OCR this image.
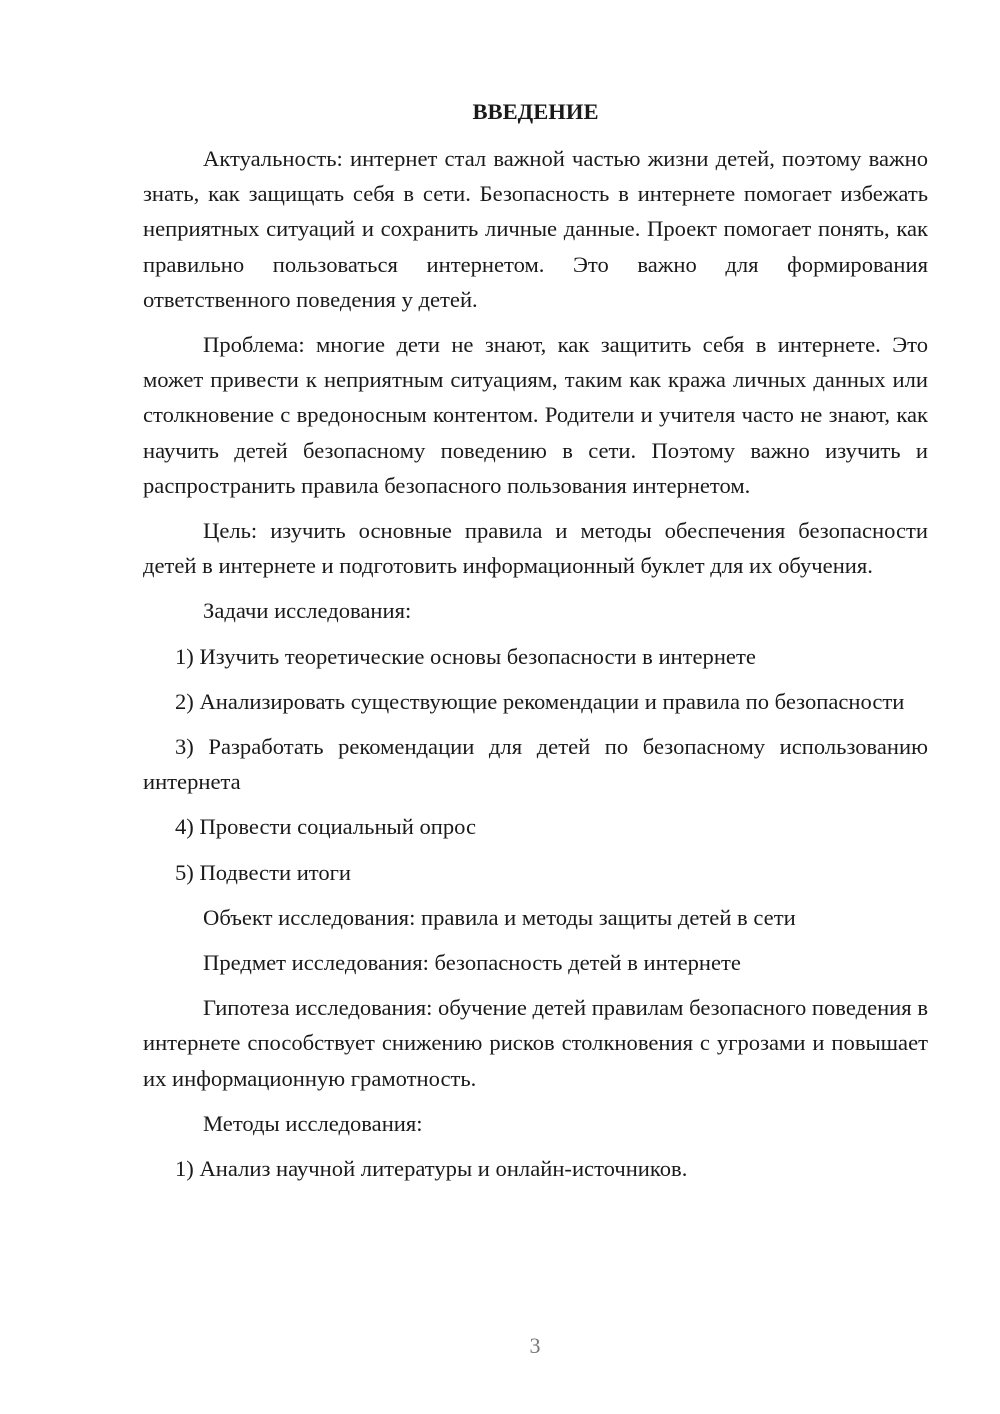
ВВЕДЕНИЕ

Актуальность: интернет стал важной частью жизни детей, поэтому важно знать, как защищать себя в сети. Безопасность в интернете помогает избежать неприятных ситуаций и сохранить личные данные. Проект помогает понять, как правильно пользоваться интернетом. Это важно для формирования ответственного поведения у детей.

Проблема: многие дети не знают, как защитить себя в интернете. Это может привести к неприятным ситуациям, таким как кража личных данных или столкновение с вредоносным контентом. Родители и учителя часто не знают, как научить детей безопасному поведению в сети. Поэтому важно изучить и распространить правила безопасного пользования интернетом.

Цель: изучить основные правила и методы обеспечения безопасности детей в интернете и подготовить информационный буклет для их обучения.

Задачи исследования:

1) Изучить теоретические основы безопасности в интернете

2) Анализировать существующие рекомендации и правила по безопасности

3) Разработать рекомендации для детей по безопасному использованию интернета

4) Провести социальный опрос

5) Подвести итоги

Объект исследования: правила и методы защиты детей в сети

Предмет исследования: безопасность детей в интернете

Гипотеза исследования: обучение детей правилам безопасного поведения в интернете способствует снижению рисков столкновения с угрозами и повышает их информационную грамотность.

Методы исследования:

1) Анализ научной литературы и онлайн-источников.

3
